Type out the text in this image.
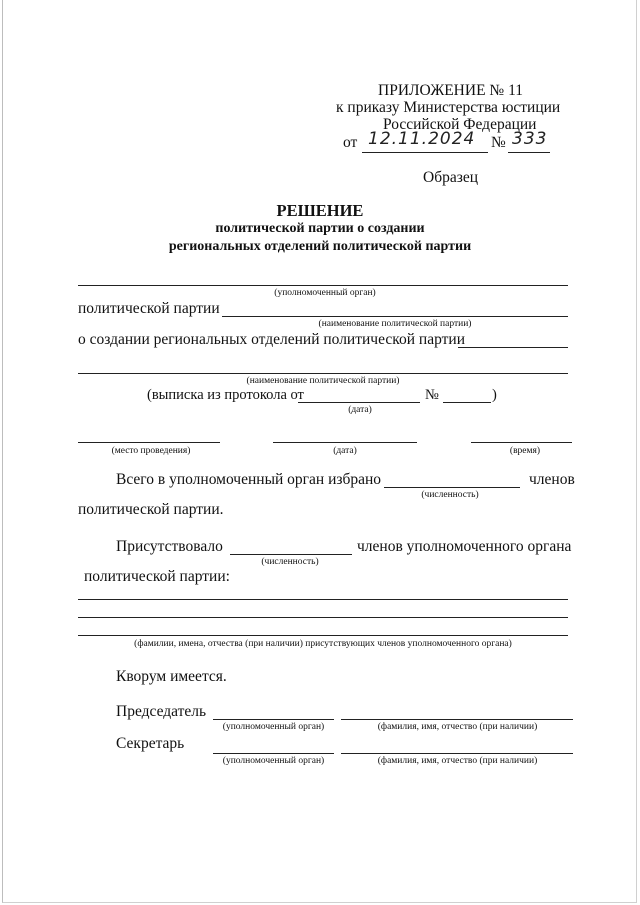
ПРИЛОЖЕНИЕ № 11
к приказу Министерства юстиции
Российской Федерации
от 12.11.2024 № 333
Образец
РЕШЕНИЕ
политической партии о создании
региональных отделений политической партии
(уполномоченный орган)
политической партии
(наименование политической партии)
о создании региональных отделений политической партии
(наименование политической партии)
(выписка из протокола от	№	)
(дата)
(место проведения)	(дата)	(время)
Всего в уполномоченный орган избрано	членов
(численность)
политической партии.
Присутствовало	членов уполномоченного органа
(численность)
политической партии:
(фамилии, имена, отчества (при наличии) присутствующих членов уполномоченного органа)
Кворум имеется.
Председатель
(уполномоченный орган)	(фамилия, имя, отчество (при наличии)
Секретарь
(уполномоченный орган)	(фамилия, имя, отчество (при наличии)
